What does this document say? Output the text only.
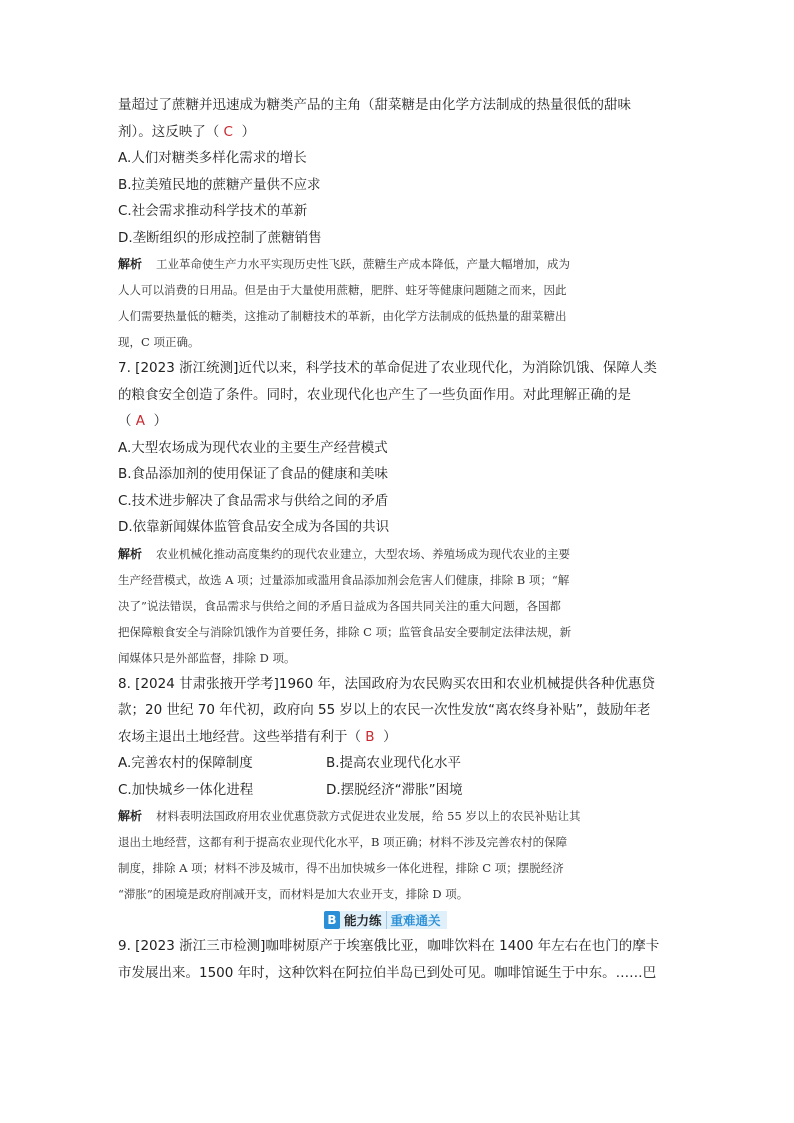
量超过了蔗糖并迅速成为糖类产品的主角（甜菜糖是由化学方法制成的热量很低的甜味
剂）。这反映了（ C ）
A.人们对糖类多样化需求的增长
B.拉美殖民地的蔗糖产量供不应求
C.社会需求推动科学技术的革新
D.垄断组织的形成控制了蔗糖销售
解析 工业革命使生产力水平实现历史性飞跃，蔗糖生产成本降低，产量大幅增加，成为
人人可以消费的日用品。但是由于大量使用蔗糖，肥胖、蛀牙等健康问题随之而来，因此
人们需要热量低的糖类，这推动了制糖技术的革新，由化学方法制成的低热量的甜菜糖出
现，C 项正确。
7. [2023 浙江统测]近代以来，科学技术的革命促进了农业现代化，为消除饥饿、保障人类
的粮食安全创造了条件。同时，农业现代化也产生了一些负面作用。对此理解正确的是
（ A ）
A.大型农场成为现代农业的主要生产经营模式
B.食品添加剂的使用保证了食品的健康和美味
C.技术进步解决了食品需求与供给之间的矛盾
D.依靠新闻媒体监管食品安全成为各国的共识
解析 农业机械化推动高度集约的现代农业建立，大型农场、养殖场成为现代农业的主要
生产经营模式，故选 A 项；过量添加或滥用食品添加剂会危害人们健康，排除 B 项；“解
决了”说法错误，食品需求与供给之间的矛盾日益成为各国共同关注的重大问题，各国都
把保障粮食安全与消除饥饿作为首要任务，排除 C 项；监管食品安全要制定法律法规，新
闻媒体只是外部监督，排除 D 项。
8. [2024 甘肃张掖开学考]1960 年，法国政府为农民购买农田和农业机械提供各种优惠贷
款；20 世纪 70 年代初，政府向 55 岁以上的农民一次性发放“离农终身补贴”，鼓励年老
农场主退出土地经营。这些举措有利于（ B ）
A.完善农村的保障制度	B.提高农业现代化水平
C.加快城乡一体化进程	D.摆脱经济“滞胀”困境
解析 材料表明法国政府用农业优惠贷款方式促进农业发展，给 55 岁以上的农民补贴让其
退出土地经营，这都有利于提高农业现代化水平，B 项正确；材料不涉及完善农村的保障
制度，排除 A 项；材料不涉及城市，得不出加快城乡一体化进程，排除 C 项；摆脱经济
“滞胀”的困境是政府削减开支，而材料是加大农业开支，排除 D 项。
B 能力练 重难通关
9. [2023 浙江三市检测]咖啡树原产于埃塞俄比亚，咖啡饮料在 1400 年左右在也门的摩卡
市发展出来。1500 年时，这种饮料在阿拉伯半岛已到处可见。咖啡馆诞生于中东。……巴
